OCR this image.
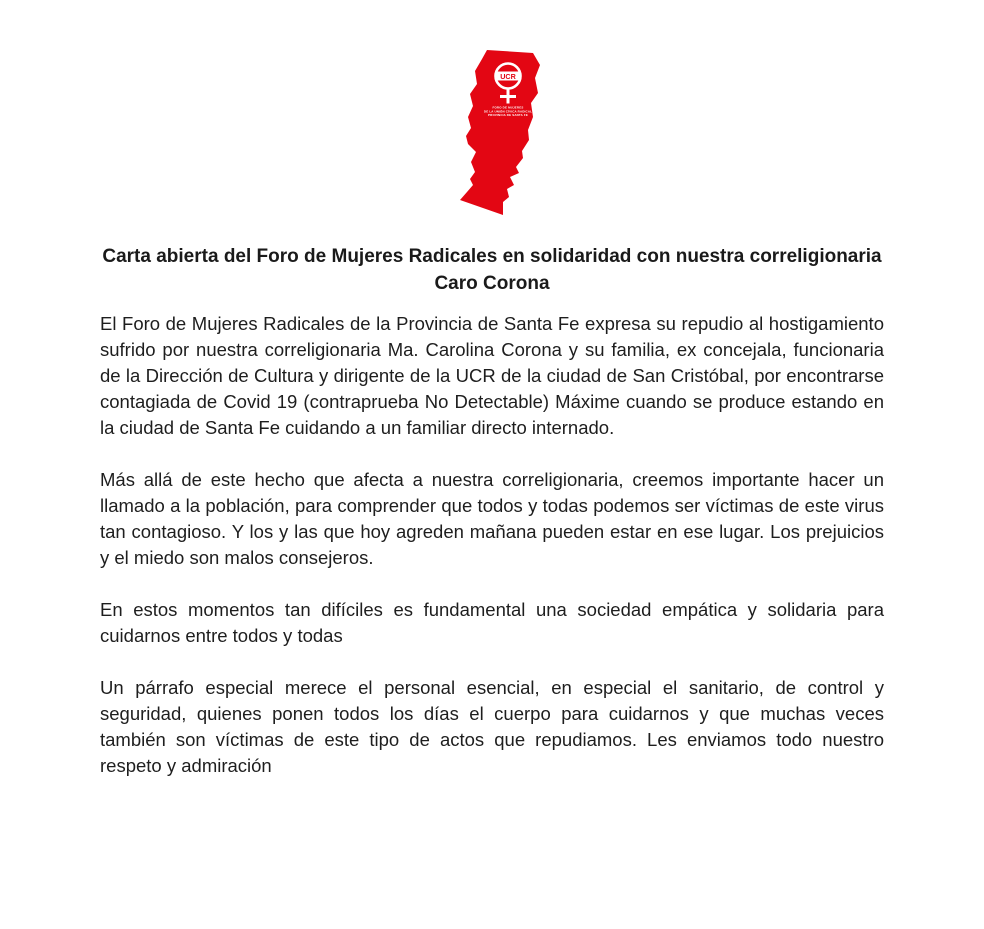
UCR
FORO DE MUJERES
DE LA UNIÓN CÍVICA RADICAL
PROVINCIA DE SANTA FE
Carta abierta del Foro de Mujeres Radicales en solidaridad con nuestra correligionaria Caro Corona

El Foro de Mujeres Radicales de la Provincia de Santa Fe expresa su repudio al hostigamiento sufrido por nuestra correligionaria Ma. Carolina Corona y su familia, ex concejala, funcionaria de la Dirección de Cultura y dirigente de la UCR de la ciudad de San Cristóbal, por encontrarse contagiada de Covid 19 (contraprueba No Detectable) Máxime cuando se produce estando en la ciudad de Santa Fe cuidando a un familiar directo internado.

Más allá de este hecho que afecta a nuestra correligionaria, creemos importante hacer un llamado a la población, para comprender que todos y todas podemos ser víctimas de este virus tan contagioso. Y los y las que hoy agreden mañana pueden estar en ese lugar. Los prejuicios y el miedo son malos consejeros.

En estos momentos tan difíciles es fundamental una sociedad empática y solidaria para cuidarnos entre todos y todas

Un párrafo especial merece el personal esencial, en especial el sanitario, de control y seguridad, quienes ponen todos los días el cuerpo para cuidarnos y que muchas veces también son víctimas de este tipo de actos que repudiamos. Les enviamos todo nuestro respeto y admiración
